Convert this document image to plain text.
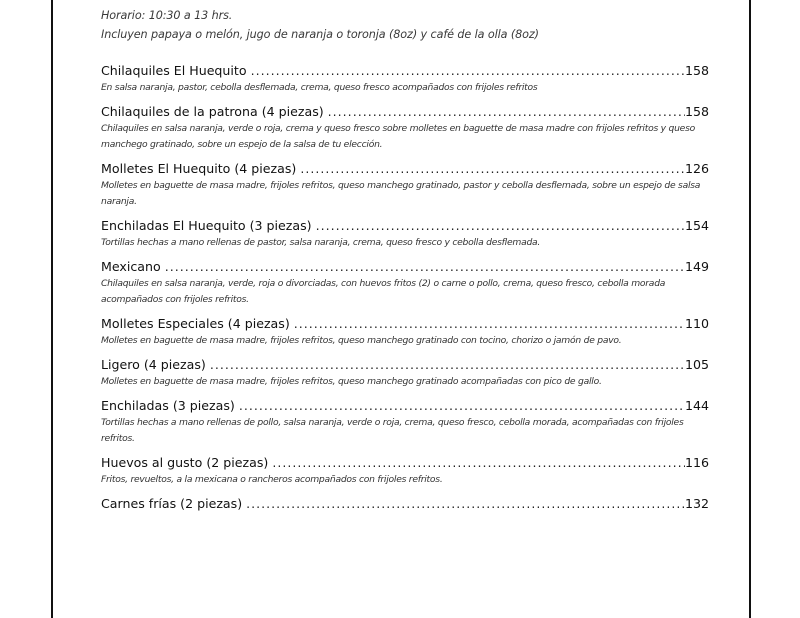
Horario: 10:30 a 13 hrs.
Incluyen papaya o melón, jugo de naranja o toronja (8oz) y café de la olla (8oz)
Chilaquiles El Huequito .....	158
En salsa naranja, pastor, cebolla desflemada, crema, queso fresco acompañados con frijoles refritos
Chilaquiles de la patrona (4 piezas) .....	158
Chilaquiles en salsa naranja, verde o roja, crema y queso fresco sobre molletes en baguette de masa madre con frijoles refritos y queso manchego gratinado, sobre un espejo de la salsa de tu elección.
Molletes El Huequito (4 piezas) .....	126
Molletes en baguette de masa madre, frijoles refritos, queso manchego gratinado, pastor y cebolla desflemada, sobre un espejo de salsa naranja.
Enchiladas El Huequito (3 piezas) .....	154
Tortillas hechas a mano rellenas de pastor, salsa naranja, crema, queso fresco y cebolla desflemada.
Mexicano .....	149
Chilaquiles en salsa naranja, verde, roja o divorciadas, con huevos fritos (2) o carne o pollo, crema, queso fresco, cebolla morada acompañados con frijoles refritos.
Molletes Especiales (4 piezas) .....	110
Molletes en baguette de masa madre, frijoles refritos, queso manchego gratinado con tocino, chorizo o jamón de pavo.
Ligero (4 piezas) .....	105
Molletes en baguette de masa madre, frijoles refritos, queso manchego gratinado acompañadas con pico de gallo.
Enchiladas (3 piezas) .....	144
Tortillas hechas a mano rellenas de pollo, salsa naranja, verde o roja, crema, queso fresco, cebolla morada, acompañadas con frijoles refritos.
Huevos al gusto (2 piezas) .....	116
Fritos, revueltos, a la mexicana o rancheros acompañados con frijoles refritos.
Carnes frías (2 piezas) .....	132
